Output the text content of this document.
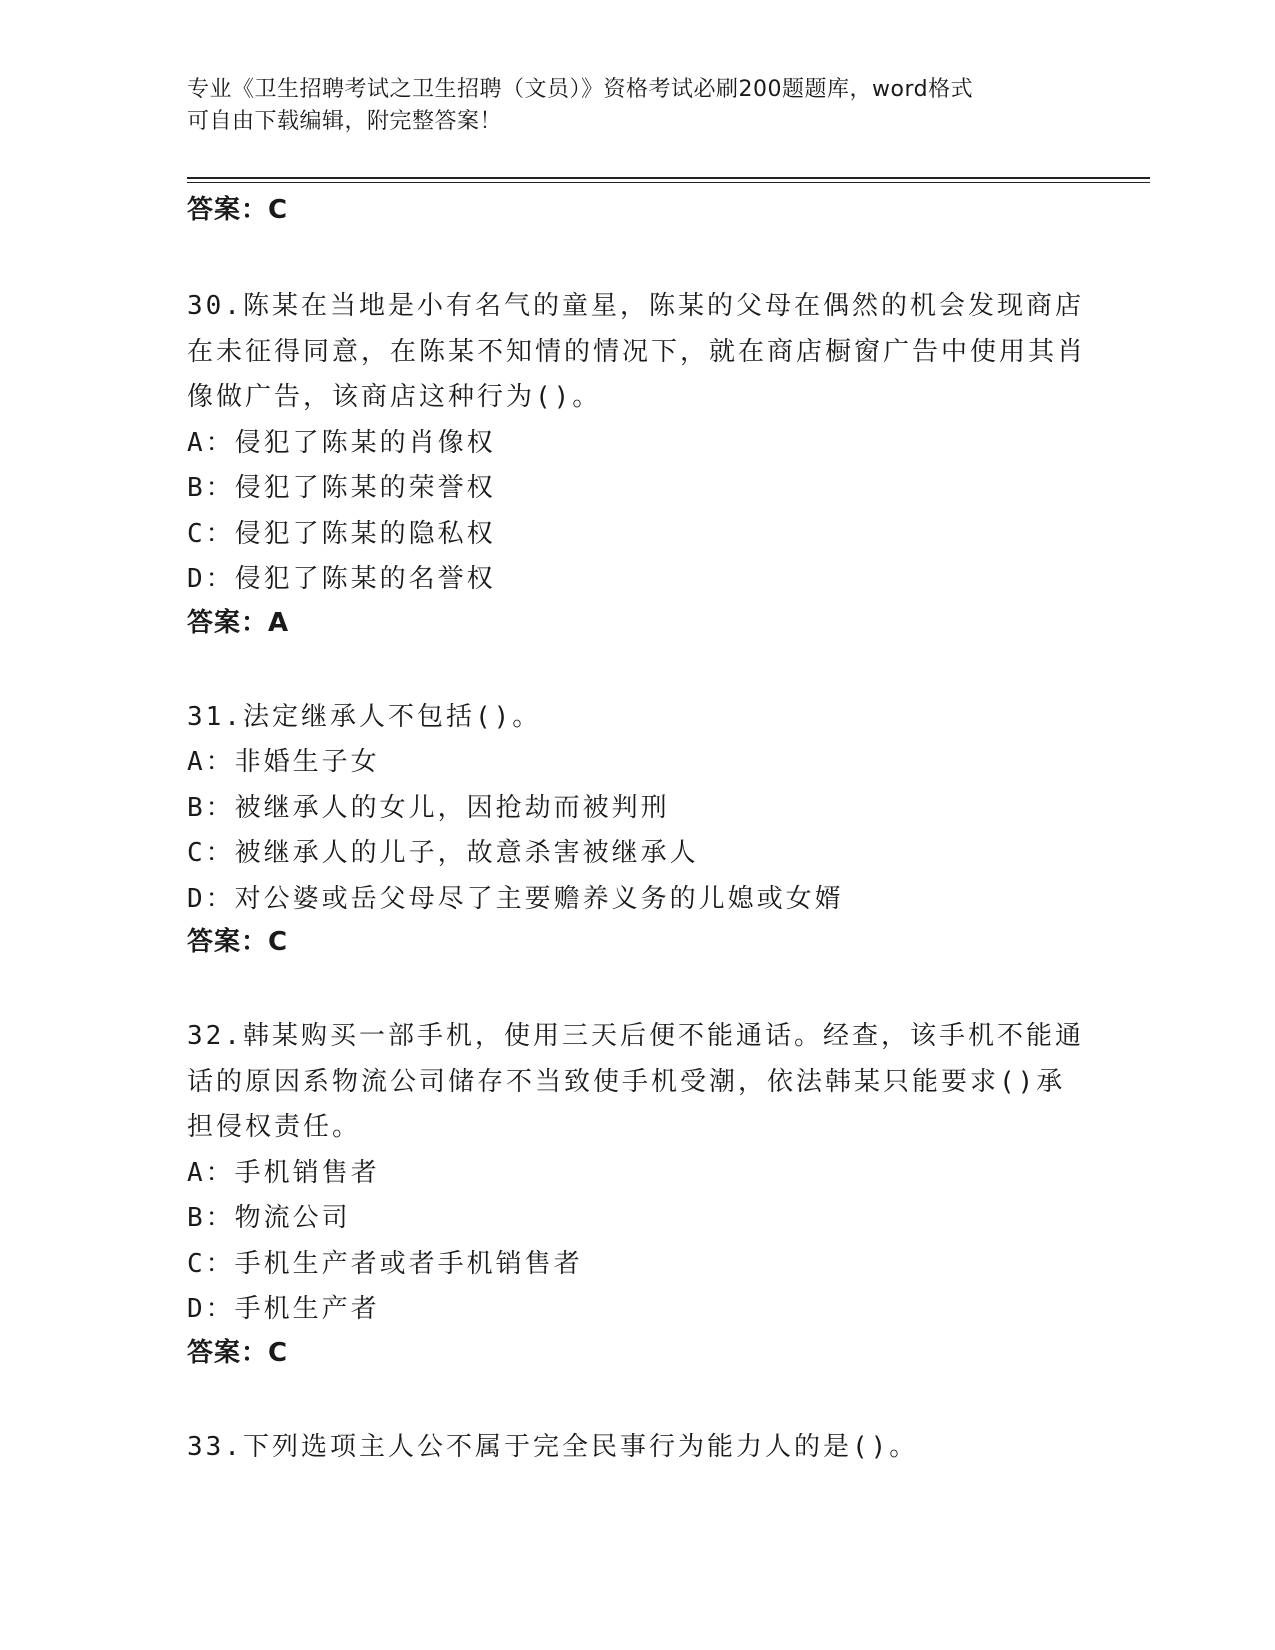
专业《卫生招聘考试之卫生招聘（文员）》资格考试必刷200题题库，word格式
可自由下载编辑，附完整答案！

答案：C

30.陈某在当地是小有名气的童星，陈某的父母在偶然的机会发现商店在未征得同意，在陈某不知情的情况下，就在商店橱窗广告中使用其肖像做广告，该商店这种行为()。

A：侵犯了陈某的肖像权

B：侵犯了陈某的荣誉权

C：侵犯了陈某的隐私权

D：侵犯了陈某的名誉权

答案：A

31.法定继承人不包括()。

A：非婚生子女

B：被继承人的女儿，因抢劫而被判刑

C：被继承人的儿子，故意杀害被继承人

D：对公婆或岳父母尽了主要赡养义务的儿媳或女婿

答案：C

32.韩某购买一部手机，使用三天后便不能通话。经查，该手机不能通话的原因系物流公司储存不当致使手机受潮，依法韩某只能要求()承担侵权责任。

A：手机销售者

B：物流公司

C：手机生产者或者手机销售者

D：手机生产者

答案：C

33.下列选项主人公不属于完全民事行为能力人的是()。
